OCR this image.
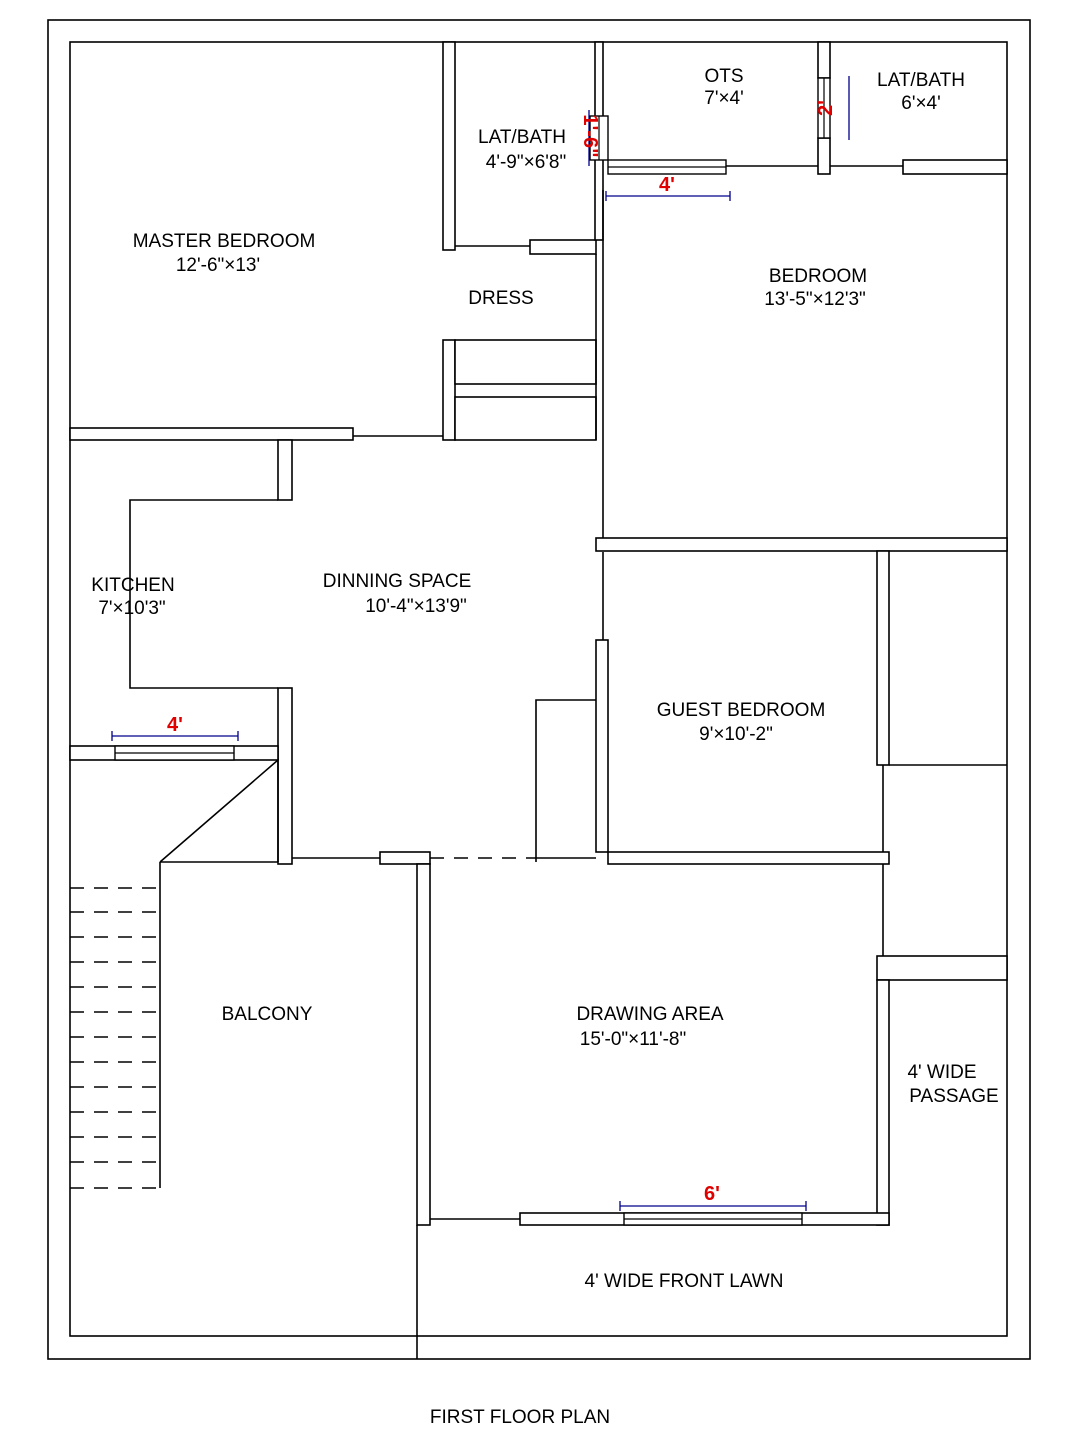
1'-6"
2'
4'
4'
6'
MASTER BEDROOM
12'-6"×13'
LAT/BATH
4'-9"×6'8"
OTS
7'×4'
LAT/BATH
6'×4'
DRESS
BEDROOM
13'-5"×12'3"
KITCHEN
7'×10'3"
DINNING SPACE
10'-4"×13'9"
GUEST BEDROOM
9'×10'-2"
BALCONY	DRAWING AREA
15'-0"×11'-8"
4' WIDE
PASSAGE
4' WIDE FRONT LAWN
FIRST FLOOR PLAN
